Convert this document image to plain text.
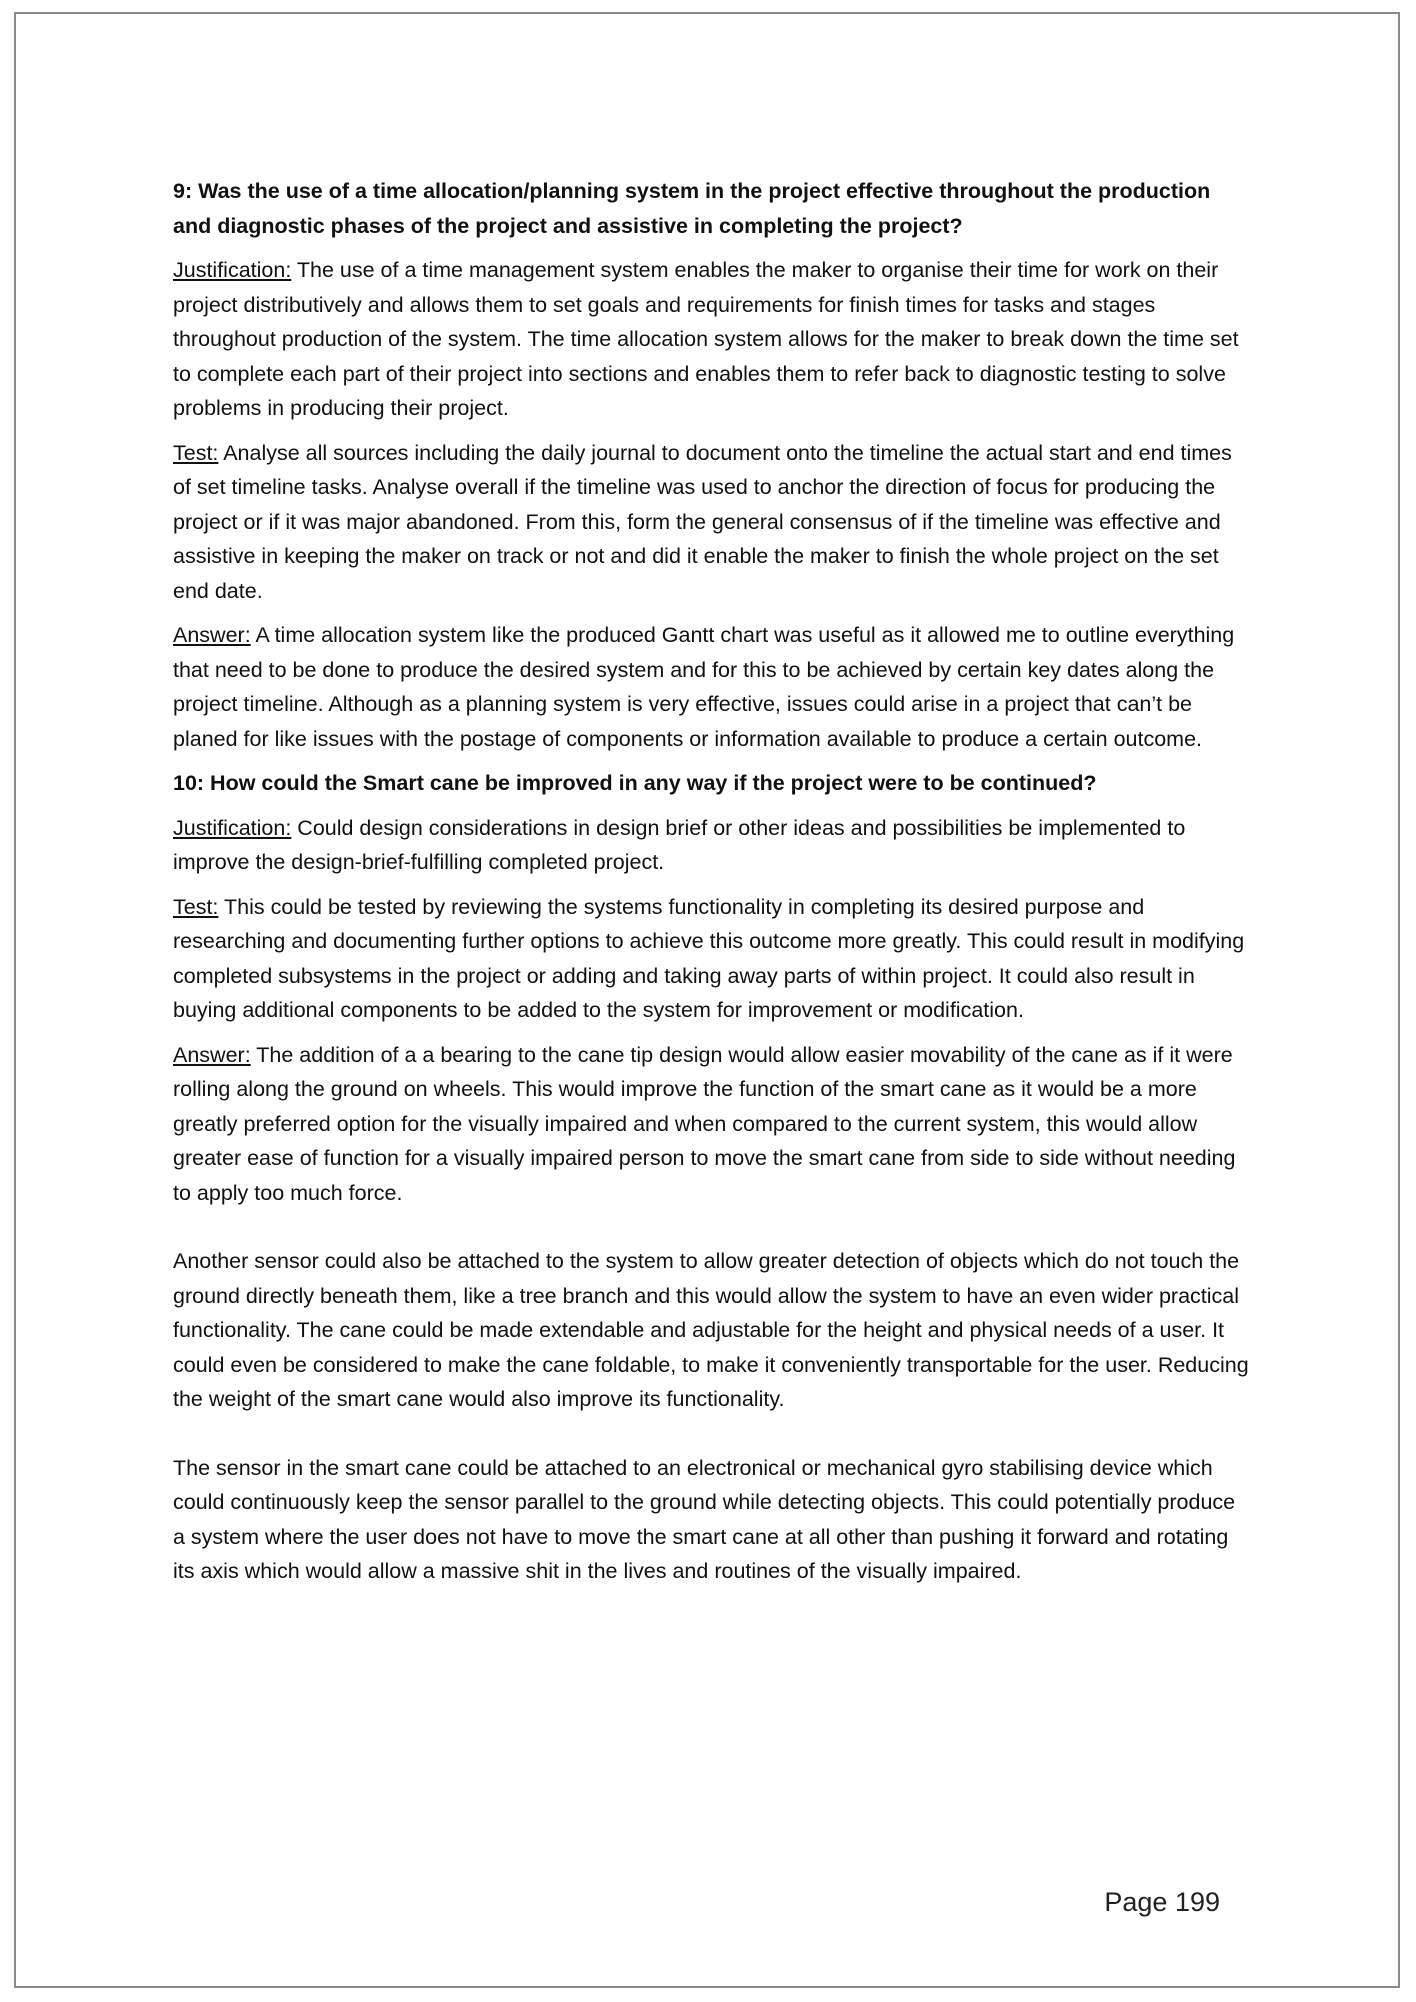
9: Was the use of a time allocation/planning system in the project effective throughout the production and diagnostic phases of the project and assistive in completing the project?

Justification: The use of a time management system enables the maker to organise their time for work on their project distributively and allows them to set goals and requirements for finish times for tasks and stages throughout production of the system. The time allocation system allows for the maker to break down the time set to complete each part of their project into sections and enables them to refer back to diagnostic testing to solve problems in producing their project.

Test: Analyse all sources including the daily journal to document onto the timeline the actual start and end times of set timeline tasks. Analyse overall if the timeline was used to anchor the direction of focus for producing the project or if it was major abandoned. From this, form the general consensus of if the timeline was effective and assistive in keeping the maker on track or not and did it enable the maker to finish the whole project on the set end date.

Answer: A time allocation system like the produced Gantt chart was useful as it allowed me to outline everything that need to be done to produce the desired system and for this to be achieved by certain key dates along the project timeline. Although as a planning system is very effective, issues could arise in a project that can’t be planed for like issues with the postage of components or information available to produce a certain outcome.

10: How could the Smart cane be improved in any way if the project were to be continued?

Justification: Could design considerations in design brief or other ideas and possibilities be implemented to improve the design-brief-fulfilling completed project.

Test: This could be tested by reviewing the systems functionality in completing its desired purpose and researching and documenting further options to achieve this outcome more greatly. This could result in modifying completed subsystems in the project or adding and taking away parts of within project. It could also result in buying additional components to be added to the system for improvement or modification.

Answer: The addition of a a bearing to the cane tip design would allow easier movability of the cane as if it were rolling along the ground on wheels. This would improve the function of the smart cane as it would be a more greatly preferred option for the visually impaired and when compared to the current system, this would allow greater ease of function for a visually impaired person to move the smart cane from side to side without needing to apply too much force.

Another sensor could also be attached to the system to allow greater detection of objects which do not touch the ground directly beneath them, like a tree branch and this would allow the system to have an even wider practical functionality. The cane could be made extendable and adjustable for the height and physical needs of a user. It could even be considered to make the cane foldable, to make it conveniently transportable for the user. Reducing the weight of the smart cane would also improve its functionality.

The sensor in the smart cane could be attached to an electronical or mechanical gyro stabilising device which could continuously keep the sensor parallel to the ground while detecting objects. This could potentially produce a system where the user does not have to move the smart cane at all other than pushing it forward and rotating its axis which would allow a massive shit in the lives and routines of the visually impaired.

Page 199
